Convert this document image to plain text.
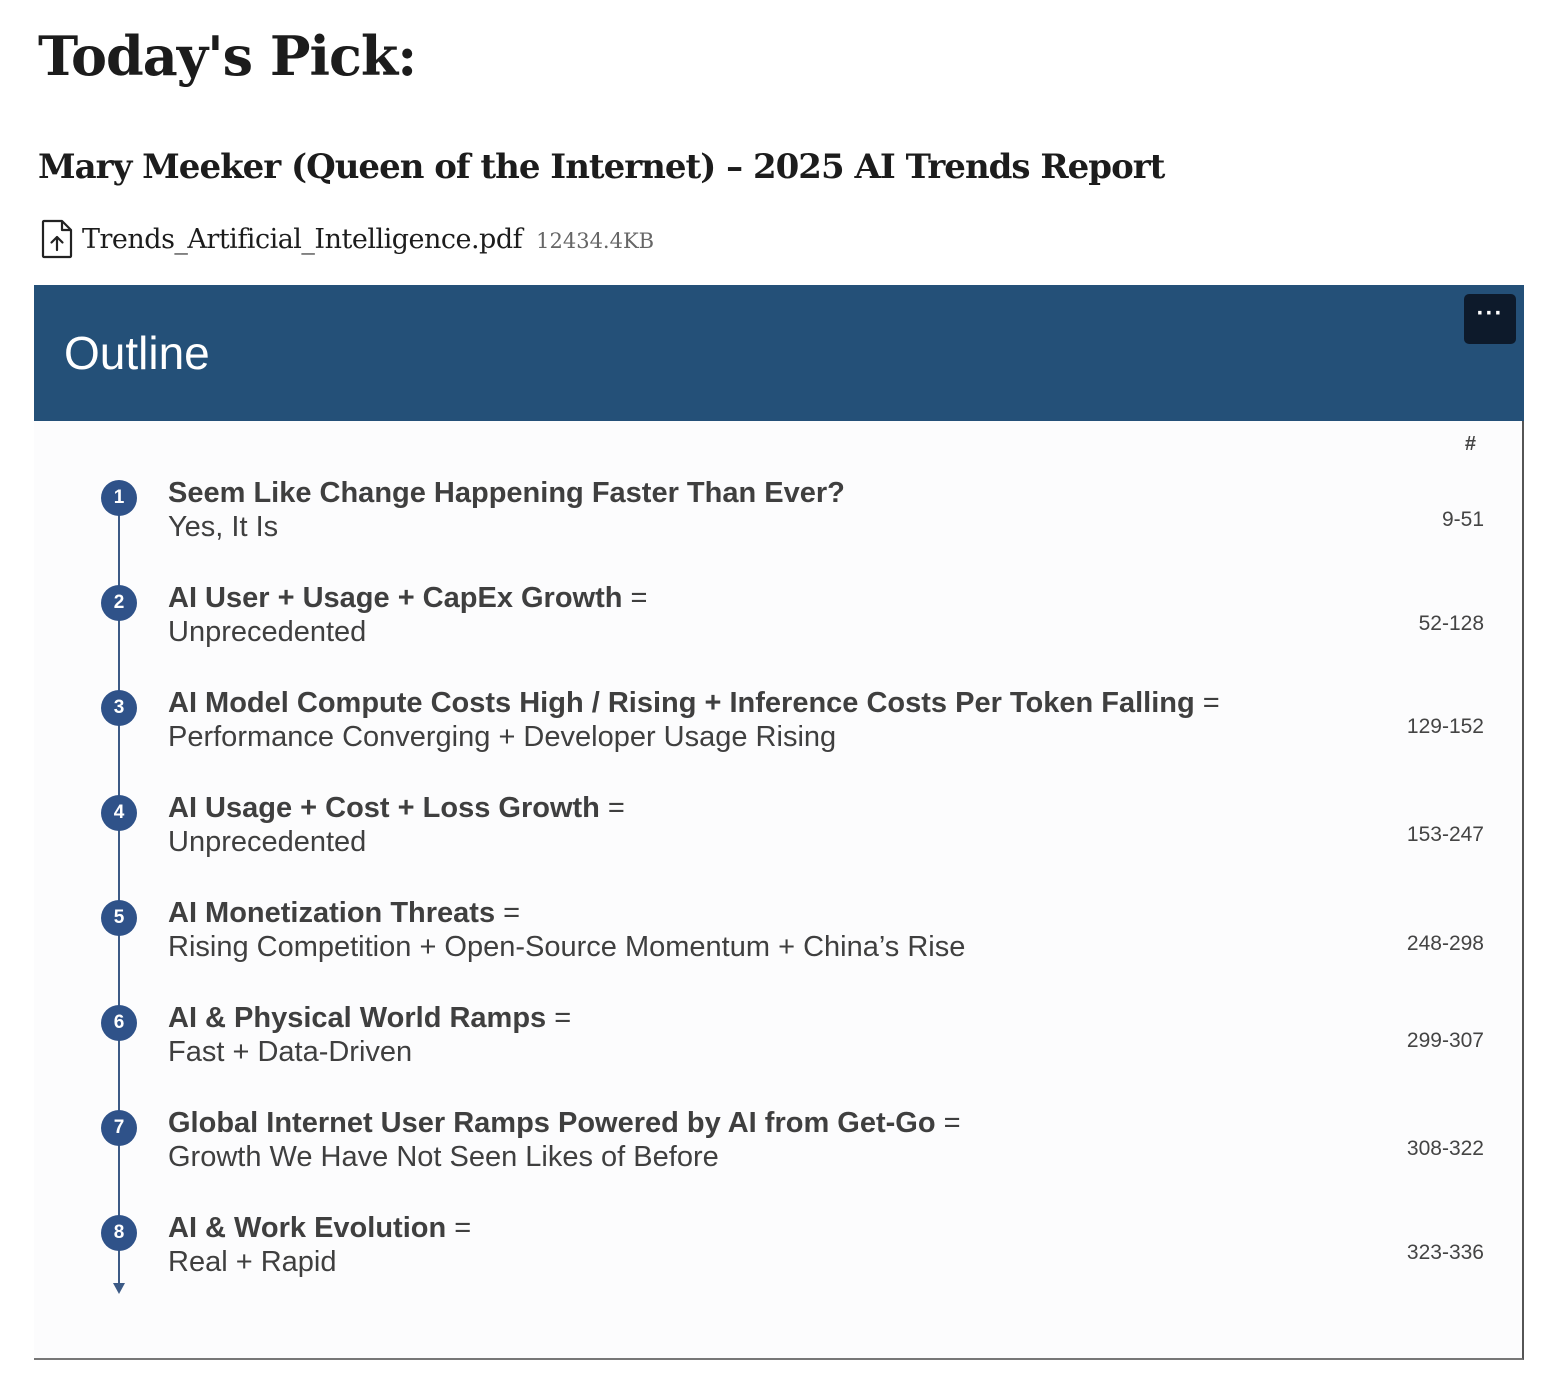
Today's Pick:
Mary Meeker (Queen of the Internet) – 2025 AI Trends Report
Trends_Artificial_Intelligence.pdf 12434.4KB
Outline
···
#
1	Seem Like Change Happening Faster Than Ever?
Yes, It Is	9-51
2	AI User + Usage + CapEx Growth =
Unprecedented	52-128
3	AI Model Compute Costs High / Rising + Inference Costs Per Token Falling =
Performance Converging + Developer Usage Rising	129-152
4	AI Usage + Cost + Loss Growth =
Unprecedented	153-247
5	AI Monetization Threats =
Rising Competition + Open-Source Momentum + China’s Rise	248-298
6	AI & Physical World Ramps =
Fast + Data-Driven	299-307
7	Global Internet User Ramps Powered by AI from Get-Go =
Growth We Have Not Seen Likes of Before	308-322
8	AI & Work Evolution =
Real + Rapid	323-336
